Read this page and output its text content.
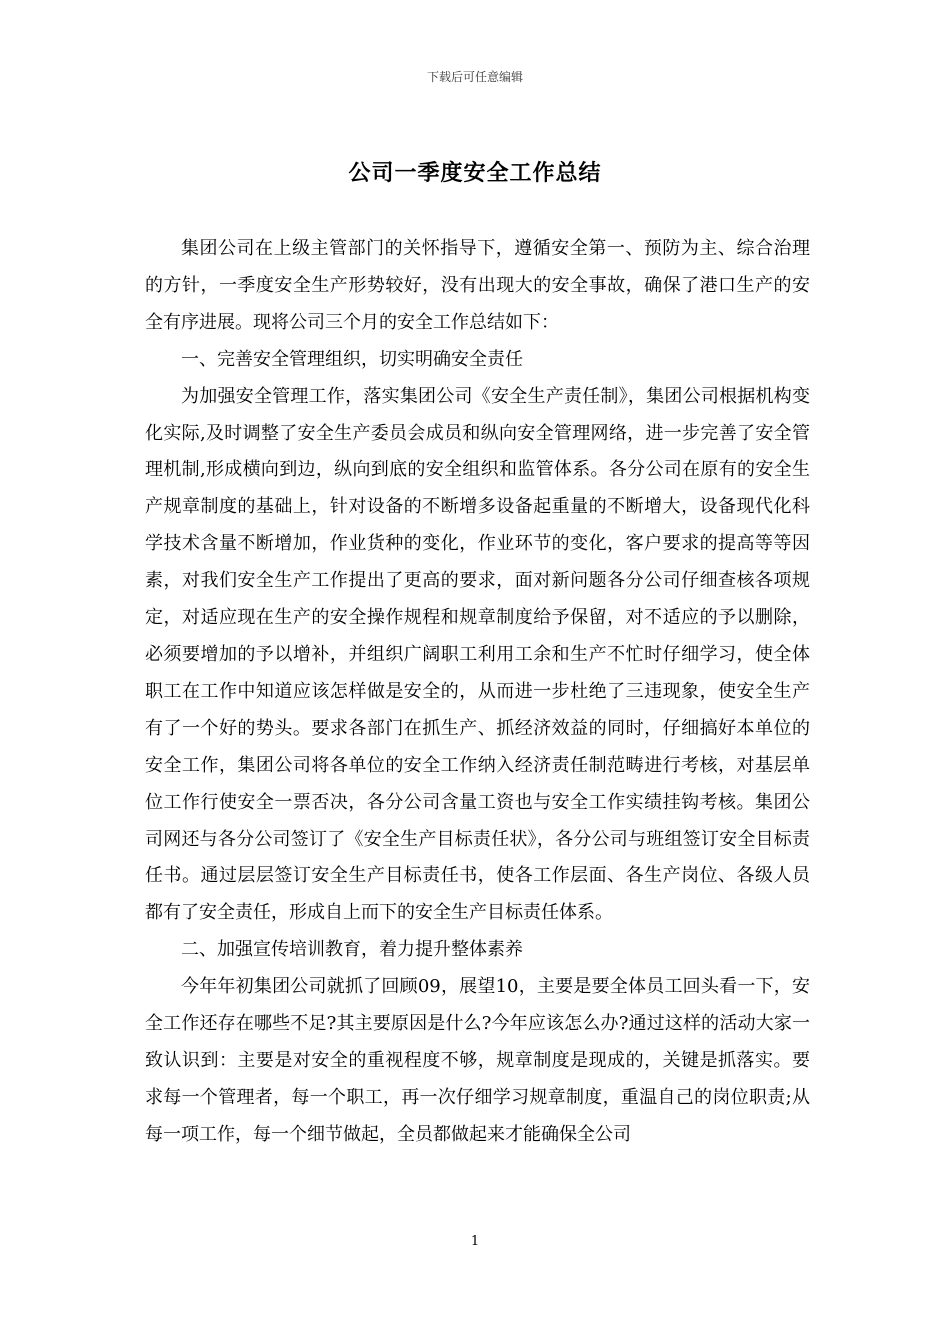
下载后可任意编辑
公司一季度安全工作总结

集团公司在上级主管部门的关怀指导下，遵循安全第一、预防为主、综合治理的方针，一季度安全生产形势较好，没有出现大的安全事故，确保了港口生产的安全有序进展。现将公司三个月的安全工作总结如下：

一、完善安全管理组织，切实明确安全责任

为加强安全管理工作，落实集团公司《安全生产责任制》，集团公司根据机构变化实际,及时调整了安全生产委员会成员和纵向安全管理网络，进一步完善了安全管理机制,形成横向到边，纵向到底的安全组织和监管体系。各分公司在原有的安全生产规章制度的基础上，针对设备的不断增多设备起重量的不断增大，设备现代化科学技术含量不断增加，作业货种的变化，作业环节的变化，客户要求的提高等等因素，对我们安全生产工作提出了更高的要求，面对新问题各分公司仔细查核各项规定，对适应现在生产的安全操作规程和规章制度给予保留，对不适应的予以删除，必须要增加的予以增补，并组织广阔职工利用工余和生产不忙时仔细学习，使全体职工在工作中知道应该怎样做是安全的，从而进一步杜绝了三违现象，使安全生产有了一个好的势头。要求各部门在抓生产、抓经济效益的同时，仔细搞好本单位的安全工作，集团公司将各单位的安全工作纳入经济责任制范畴进行考核，对基层单位工作行使安全一票否决，各分公司含量工资也与安全工作实绩挂钩考核。集团公司网还与各分公司签订了《安全生产目标责任状》，各分公司与班组签订安全目标责任书。通过层层签订安全生产目标责任书，使各工作层面、各生产岗位、各级人员都有了安全责任，形成自上而下的安全生产目标责任体系。

二、加强宣传培训教育，着力提升整体素养

今年年初集团公司就抓了回顾09，展望10，主要是要全体员工回头看一下，安全工作还存在哪些不足?其主要原因是什么?今年应该怎么办?通过这样的活动大家一致认识到：主要是对安全的重视程度不够，规章制度是现成的，关键是抓落实。要求每一个管理者，每一个职工，再一次仔细学习规章制度，重温自己的岗位职责;从每一项工作，每一个细节做起，全员都做起来才能确保全公司

1
